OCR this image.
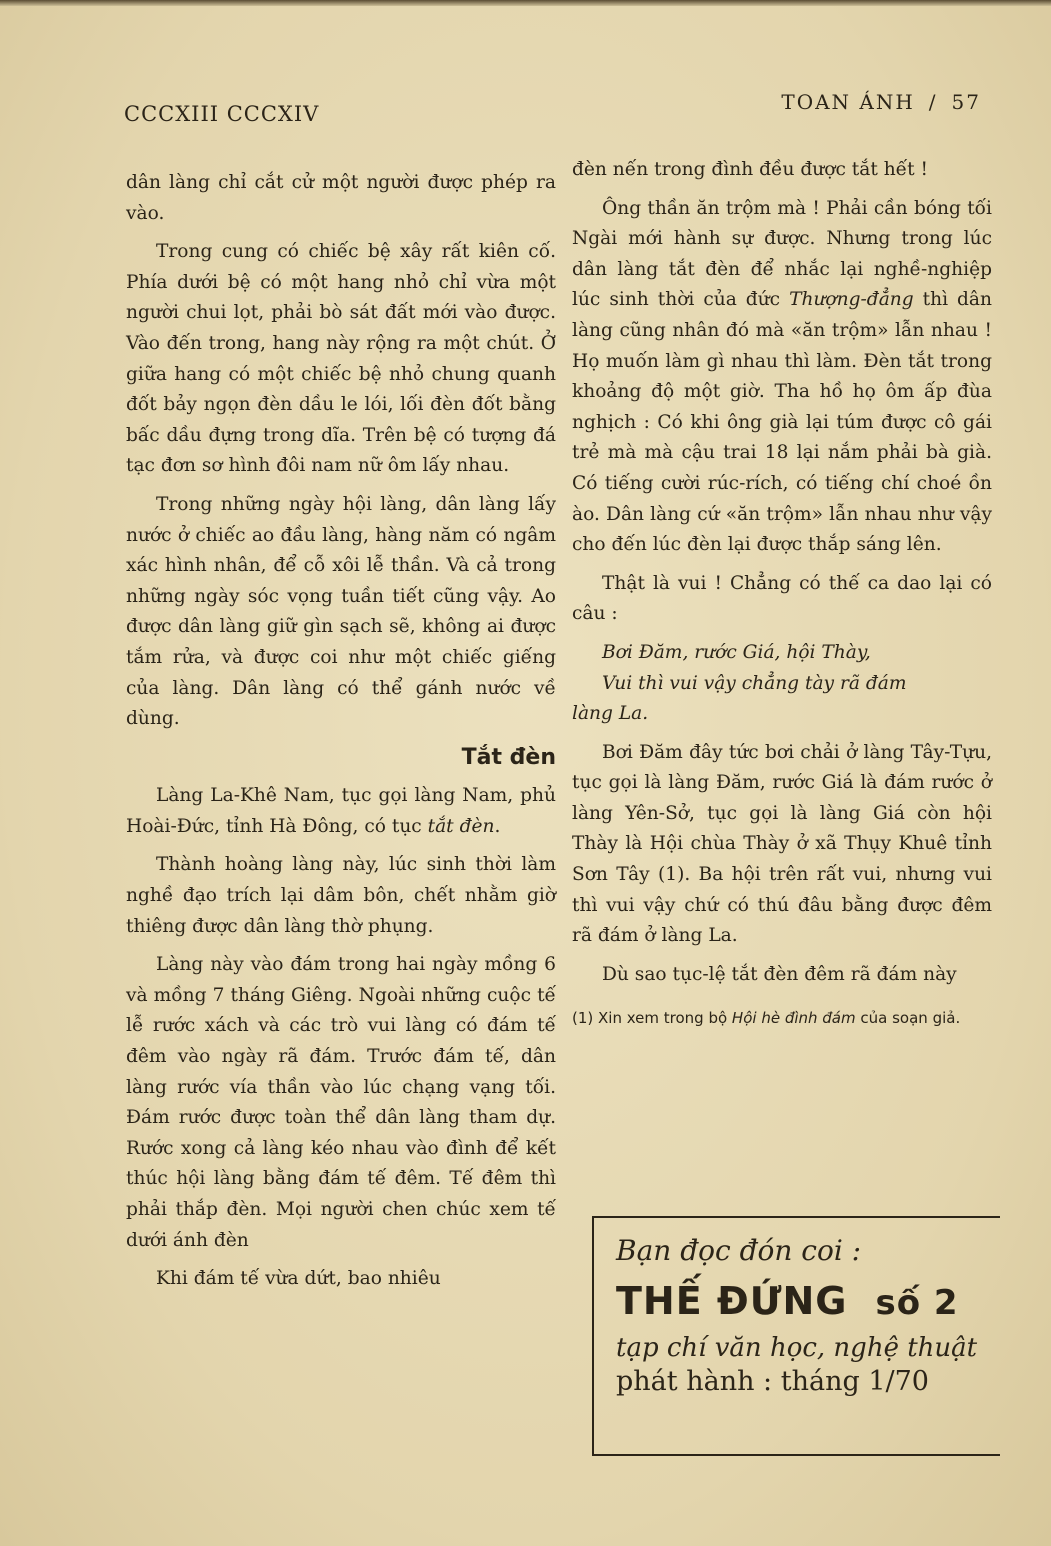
CCCXIII CCCXIV	TOAN ÁNH / 57

dân làng chỉ cắt cử một người được phép ra vào.

Trong cung có chiếc bệ xây rất kiên cố. Phía dưới bệ có một hang nhỏ chỉ vừa một người chui lọt, phải bò sát đất mới vào được. Vào đến trong, hang này rộng ra một chút. Ở giữa hang có một chiếc bệ nhỏ chung quanh đốt bảy ngọn đèn dầu le lói, lối đèn đốt bằng bấc dầu đựng trong dĩa. Trên bệ có tượng đá tạc đơn sơ hình đôi nam nữ ôm lấy nhau.

Trong những ngày hội làng, dân làng lấy nước ở chiếc ao đầu làng, hàng năm có ngâm xác hình nhân, để cỗ xôi lễ thần. Và cả trong những ngày sóc vọng tuần tiết cũng vậy. Ao được dân làng giữ gìn sạch sẽ, không ai được tắm rửa, và được coi như một chiếc giếng của làng. Dân làng có thể gánh nước về dùng.

Tắt đèn

Làng La-Khê Nam, tục gọi làng Nam, phủ Hoài-Đức, tỉnh Hà Đông, có tục tắt đèn.

Thành hoàng làng này, lúc sinh thời làm nghề đạo trích lại dâm bôn, chết nhằm giờ thiêng được dân làng thờ phụng.

Làng này vào đám trong hai ngày mồng 6 và mồng 7 tháng Giêng. Ngoài những cuộc tế lễ rước xách và các trò vui làng có đám tế đêm vào ngày rã đám. Trước đám tế, dân làng rước vía thần vào lúc chạng vạng tối. Đám rước được toàn thể dân làng tham dự. Rước xong cả làng kéo nhau vào đình để kết thúc hội làng bằng đám tế đêm. Tế đêm thì phải thắp đèn. Mọi người chen chúc xem tế dưới ánh đèn

Khi đám tế vừa dứt, bao nhiêu

đèn nến trong đình đều được tắt hết !

Ông thần ăn trộm mà ! Phải cần bóng tối Ngài mới hành sự được. Nhưng trong lúc dân làng tắt đèn để nhắc lại nghề-nghiệp lúc sinh thời của đức Thượng-đẳng thì dân làng cũng nhân đó mà «ăn trộm» lẫn nhau ! Họ muốn làm gì nhau thì làm. Đèn tắt trong khoảng độ một giờ. Tha hồ họ ôm ấp đùa nghịch : Có khi ông già lại túm được cô gái trẻ mà mà cậu trai 18 lại nắm phải bà già. Có tiếng cười rúc-rích, có tiếng chí choé ồn ào. Dân làng cứ «ăn trộm» lẫn nhau như vậy cho đến lúc đèn lại được thắp sáng lên.

Thật là vui ! Chẳng có thế ca dao lại có câu :

Bơi Đăm, rước Giá, hội Thày,
Vui thì vui vậy chẳng tày rã đám
làng La.

Bơi Đăm đây tức bơi chải ở làng Tây-Tựu, tục gọi là làng Đăm, rước Giá là đám rước ở làng Yên-Sở, tục gọi là làng Giá còn hội Thày là Hội chùa Thày ở xã Thụy Khuê tỉnh Sơn Tây (1). Ba hội trên rất vui, nhưng vui thì vui vậy chứ có thú đâu bằng được đêm rã đám ở làng La.

Dù sao tục-lệ tắt đèn đêm rã đám này

(1) Xin xem trong bộ Hội hè đình đám của soạn giả.
Bạn đọc đón coi :
THẾ ĐỨNG số 2
tạp chí văn học, nghệ thuật
phát hành : tháng 1/70
